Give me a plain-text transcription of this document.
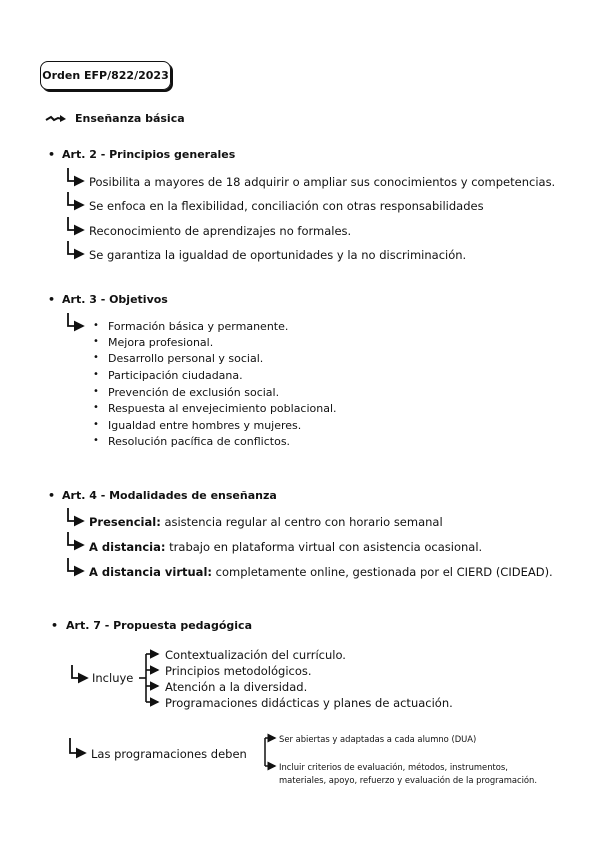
Orden EFP/822/2023
Enseñanza básica
• Art. 2 - Principios generales
Posibilita a mayores de 18 adquirir o ampliar sus conocimientos y competencias.
Se enfoca en la flexibilidad, conciliación con otras responsabilidades
Reconocimiento de aprendizajes no formales.
Se garantiza la igualdad de oportunidades y la no discriminación.
• Art. 3 - Objetivos
• Formación básica y permanente.
• Mejora profesional.
• Desarrollo personal y social.
• Participación ciudadana.
• Prevención de exclusión social.
• Respuesta al envejecimiento poblacional.
• Igualdad entre hombres y mujeres.
• Resolución pacífica de conflictos.
• Art. 4 - Modalidades de enseñanza
Presencial: asistencia regular al centro con horario semanal
A distancia: trabajo en plataforma virtual con asistencia ocasional.
A distancia virtual: completamente online, gestionada por el CIERD (CIDEAD).
• Art. 7 - Propuesta pedagógica
Incluye
Contextualización del currículo.
Principios metodológicos.
Atención a la diversidad.
Programaciones didácticas y planes de actuación.
Las programaciones deben
Ser abiertas y adaptadas a cada alumno (DUA)
Incluir criterios de evaluación, métodos, instrumentos,
materiales, apoyo, refuerzo y evaluación de la programación.
